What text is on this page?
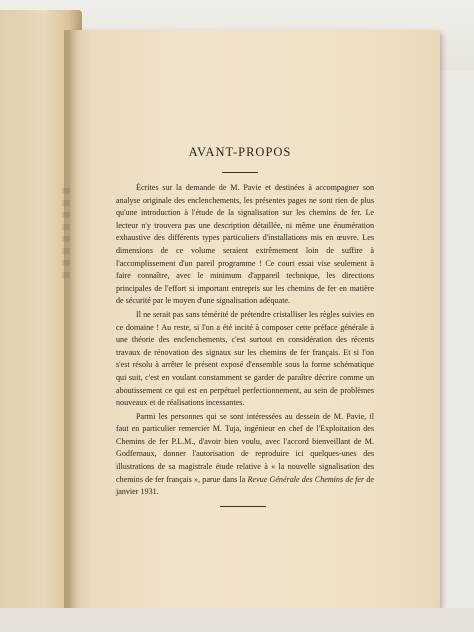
AVANT-PROPOS

Écrites sur la demande de M. Pavie et destinées à accompagner son analyse originale des enclenchements, les présentes pages ne sont rien de plus qu'une introduction à l'étude de la signalisation sur les chemins de fer. Le lecteur n'y trouvera pas une description détaillée, ni même une énumération exhaustive des différents types particuliers d'installations mis en œuvre. Les dimensions de ce volume seraient extrêmement loin de suffire à l'accomplissement d'un pareil programme ! Ce court essai vise seulement à faire connaître, avec le minimum d'appareil technique, les directions principales de l'effort si important entrepris sur les chemins de fer en matière de sécurité par le moyen d'une signalisation adéquate.

Il ne serait pas sans témérité de prétendre cristalliser les règles suivies en ce domaine ! Au reste, si l'on a été incité à composer cette préface générale à une théorie des enclenchements, c'est surtout en considération des récents travaux de rénovation des signaux sur les chemins de fer français. Et si l'on s'est résolu à arrêter le présent exposé d'ensemble sous la forme schématique qui suit, c'est en voulant constamment se garder de paraître décrire comme un aboutissement ce qui est en perpétuel perfectionnement, au sein de problèmes nouveaux et de réalisations incessantes.

Parmi les personnes qui se sont intéressées au dessein de M. Pavie, il faut en particulier remercier M. Tuja, ingénieur en chef de l'Exploitation des Chemins de fer P.L.M., d'avoir bien voulu, avec l'accord bienveillant de M. Godfernaux, donner l'autorisation de reproduire ici quelques-unes des illustrations de sa magistrale étude relative à « la nouvelle signalisation des chemins de fer français », parue dans la Revue Générale des Chemins de fer de janvier 1931.
